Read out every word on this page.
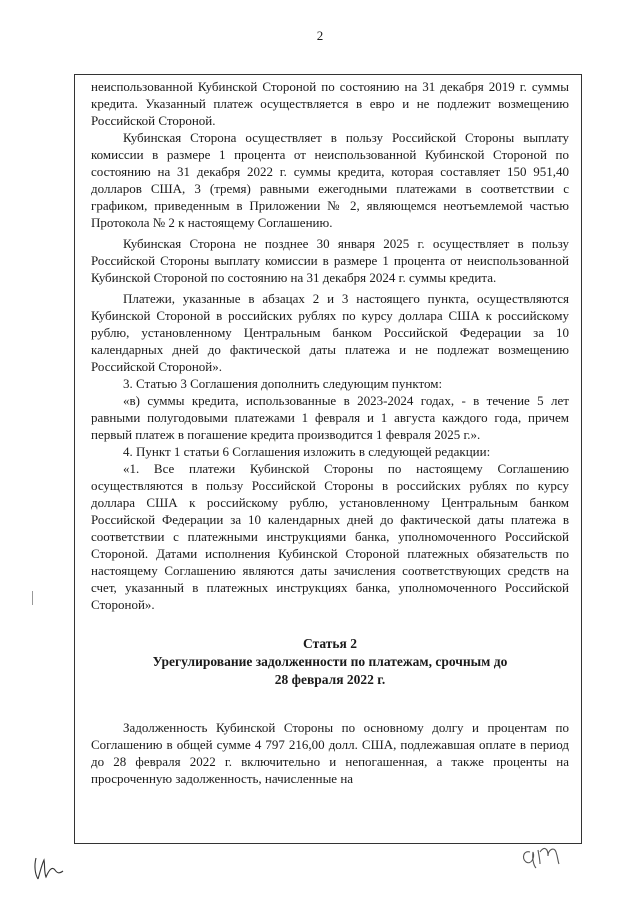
2

неиспользованной Кубинской Стороной по состоянию на 31 декабря 2019 г. суммы кредита. Указанный платеж осуществляется в евро и не подлежит возмещению Российской Стороной.

Кубинская Сторона осуществляет в пользу Российской Стороны выплату комиссии в размере 1 процента от неиспользованной Кубинской Стороной по состоянию на 31 декабря 2022 г. суммы кредита, которая составляет 150 951,40 долларов США, 3 (тремя) равными ежегодными платежами в соответствии с графиком, приведенным в Приложении № 2, являющемся неотъемлемой частью Протокола № 2 к настоящему Соглашению.

Кубинская Сторона не позднее 30 января 2025 г. осуществляет в пользу Российской Стороны выплату комиссии в размере 1 процента от неиспользованной Кубинской Стороной по состоянию на 31 декабря 2024 г. суммы кредита.

Платежи, указанные в абзацах 2 и 3 настоящего пункта, осуществляются Кубинской Стороной в российских рублях по курсу доллара США к российскому рублю, установленному Центральным банком Российской Федерации за 10 календарных дней до фактической даты платежа и не подлежат возмещению Российской Стороной».

3. Статью 3 Соглашения дополнить следующим пунктом:

«в) суммы кредита, использованные в 2023-2024 годах, - в течение 5 лет равными полугодовыми платежами 1 февраля и 1 августа каждого года, причем первый платеж в погашение кредита производится 1 февраля 2025 г.».

4. Пункт 1 статьи 6 Соглашения изложить в следующей редакции:

«1. Все платежи Кубинской Стороны по настоящему Соглашению осуществляются в пользу Российской Стороны в российских рублях по курсу доллара США к российскому рублю, установленному Центральным банком Российской Федерации за 10 календарных дней до фактической даты платежа в соответствии с платежными инструкциями банка, уполномоченного Российской Стороной. Датами исполнения Кубинской Стороной платежных обязательств по настоящему Соглашению являются даты зачисления соответствующих средств на счет, указанный в платежных инструкциях банка, уполномоченного Российской Стороной».

Статья 2

Урегулирование задолженности по платежам, срочным до

28 февраля 2022 г.

Задолженность Кубинской Стороны по основному долгу и процентам по Соглашению в общей сумме 4 797 216,00 долл. США, подлежавшая оплате в период до 28 февраля 2022 г. включительно и непогашенная, а также проценты на просроченную задолженность, начисленные на
